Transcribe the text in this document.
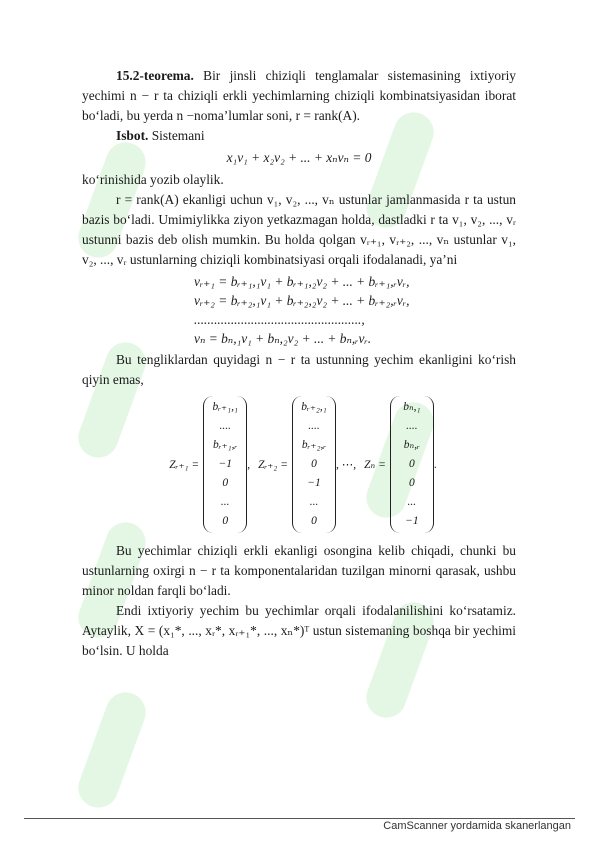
15.2-teorema. Bir jinsli chiziqli tenglamalar sistemasining ixtiyoriy yechimi n − r ta chiziqli erkli yechimlarning chiziqli kombinatsiyasidan iborat bo‘ladi, bu yerda n −noma’lumlar soni, r = rank(A).

Isbot. Sistemani

x₁v₁ + x₂v₂ + ... + xₙvₙ = 0

ko‘rinishida yozib olaylik.

r = rank(A) ekanligi uchun v₁, v₂, ..., vₙ ustunlar jamlanmasida r ta ustun bazis bo‘ladi. Umimiylikka ziyon yetkazmagan holda, dastladki r ta v₁, v₂, ..., vᵣ ustunni bazis deb olish mumkin. Bu holda qolgan vᵣ₊₁, vᵣ₊₂, ..., vₙ ustunlar v₁, v₂, ..., vᵣ ustunlarning chiziqli kombinatsiyasi orqali ifodalanadi, ya’ni

vᵣ₊₁ = bᵣ₊₁,₁v₁ + bᵣ₊₁,₂v₂ + ... + bᵣ₊₁,ᵣvᵣ,
vᵣ₊₂ = bᵣ₊₂,₁v₁ + bᵣ₊₂,₂v₂ + ... + bᵣ₊₂,ᵣvᵣ,
..................................................,
vₙ = bₙ,₁v₁ + bₙ,₂v₂ + ... + bₙ,ᵣvᵣ.

Bu tengliklardan quyidagi n − r ta ustunning yechim ekanligini ko‘rish qiyin emas,

Zᵣ₊₁ =
bᵣ₊₁,₁
....
bᵣ₊₁,ᵣ
−1
0
...
0
, Zᵣ₊₂ =
bᵣ₊₂,₁
....
bᵣ₊₂,ᵣ
0
−1
...
0
, ⋯, Zₙ =
bₙ,₁
....
bₙ,ᵣ
0
0
...
−1
.

Bu yechimlar chiziqli erkli ekanligi osongina kelib chiqadi, chunki bu ustunlarning oxirgi n − r ta komponentalaridan tuzilgan minorni qarasak, ushbu minor noldan farqli bo‘ladi.

Endi ixtiyoriy yechim bu yechimlar orqali ifodalanilishini ko‘rsatamiz. Aytaylik, X = (x₁*, ..., xᵣ*, xᵣ₊₁*, ..., xₙ*)ᵀ ustun sistemaning boshqa bir yechimi bo‘lsin. U holda

CamScanner yordamida skanerlangan
